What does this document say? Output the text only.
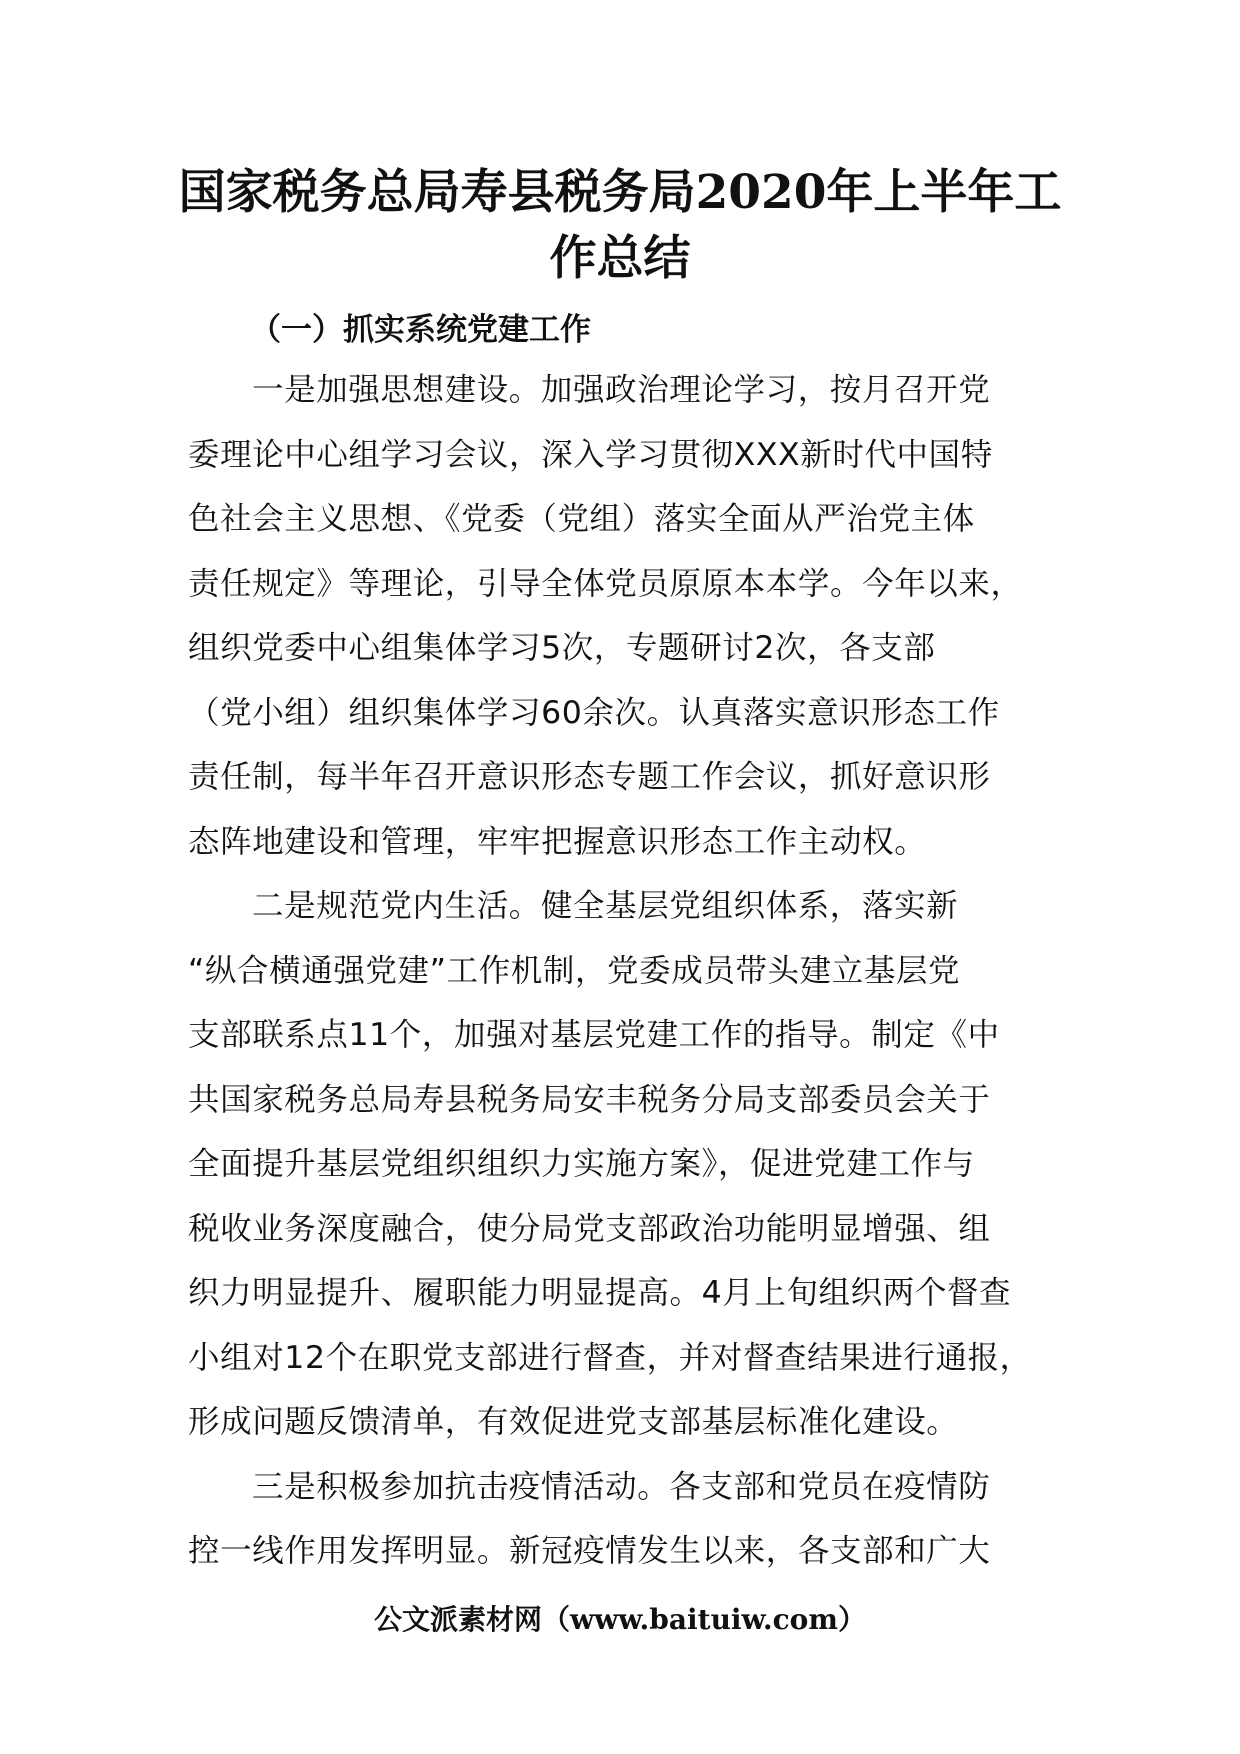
国家税务总局寿县税务局2020年上半年工
作总结
（一）抓实系统党建工作

一是加强思想建设。加强政治理论学习，按月召开党
委理论中心组学习会议，深入学习贯彻XXX新时代中国特
色社会主义思想、《党委（党组）落实全面从严治党主体
责任规定》等理论，引导全体党员原原本本学。今年以来，
组织党委中心组集体学习5次，专题研讨2次，各支部
（党小组）组织集体学习60余次。认真落实意识形态工作
责任制，每半年召开意识形态专题工作会议，抓好意识形
态阵地建设和管理，牢牢把握意识形态工作主动权。

二是规范党内生活。健全基层党组织体系，落实新
“纵合横通强党建”工作机制，党委成员带头建立基层党
支部联系点11个，加强对基层党建工作的指导。制定《中
共国家税务总局寿县税务局安丰税务分局支部委员会关于
全面提升基层党组织组织力实施方案》，促进党建工作与
税收业务深度融合，使分局党支部政治功能明显增强、组
织力明显提升、履职能力明显提高。4月上旬组织两个督查
小组对12个在职党支部进行督查，并对督查结果进行通报，
形成问题反馈清单，有效促进党支部基层标准化建设。

三是积极参加抗击疫情活动。各支部和党员在疫情防
控一线作用发挥明显。新冠疫情发生以来，各支部和广大

公文派素材网（www.baituiw.com）
